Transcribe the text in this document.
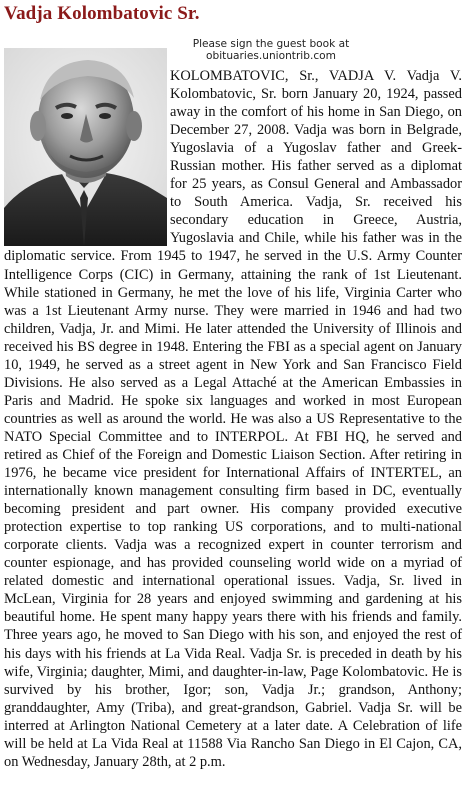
Vadja Kolombatovic Sr.
Please sign the guest book at
obituaries.uniontrib.com

KOLOMBATOVIC, Sr., VADJA V. Vadja V. Kolombatovic, Sr. born January 20, 1924, passed away in the comfort of his home in San Diego, on December 27, 2008. Vadja was born in Belgrade, Yugoslavia of a Yugoslav father and Greek-Russian mother. His father served as a diplomat for 25 years, as Consul General and Ambassador to South America. Vadja, Sr. received his secondary education in Greece, Austria, Yugoslavia and Chile, while his father was in the diplomatic service. From 1945 to 1947, he served in the U.S. Army Counter Intelligence Corps (CIC) in Germany, attaining the rank of 1st Lieutenant. While stationed in Germany, he met the love of his life, Virginia Carter who was a 1st Lieutenant Army nurse. They were married in 1946 and had two children, Vadja, Jr. and Mimi. He later attended the University of Illinois and received his BS degree in 1948. Entering the FBI as a special agent on January 10, 1949, he served as a street agent in New York and San Francisco Field Divisions. He also served as a Legal Attaché at the American Embassies in Paris and Madrid. He spoke six languages and worked in most European countries as well as around the world. He was also a US Representative to the NATO Special Committee and to INTERPOL. At FBI HQ, he served and retired as Chief of the Foreign and Domestic Liaison Section. After retiring in 1976, he became vice president for International Affairs of INTERTEL, an internationally known management consulting firm based in DC, eventually becoming president and part owner. His company provided executive protection expertise to top ranking US corporations, and to multi-national corporate clients. Vadja was a recognized expert in counter terrorism and counter espionage, and has provided counseling world wide on a myriad of related domestic and international operational issues. Vadja, Sr. lived in McLean, Virginia for 28 years and enjoyed swimming and gardening at his beautiful home. He spent many happy years there with his friends and family. Three years ago, he moved to San Diego with his son, and enjoyed the rest of his days with his friends at La Vida Real. Vadja Sr. is preceded in death by his wife, Virginia; daughter, Mimi, and daughter-in-law, Page Kolombatovic. He is survived by his brother, Igor; son, Vadja Jr.; grandson, Anthony; granddaughter, Amy (Triba), and great-grandson, Gabriel. Vadja Sr. will be interred at Arlington National Cemetery at a later date. A Celebration of life will be held at La Vida Real at 11588 Via Rancho San Diego in El Cajon, CA, on Wednesday, January 28th, at 2 p.m.
